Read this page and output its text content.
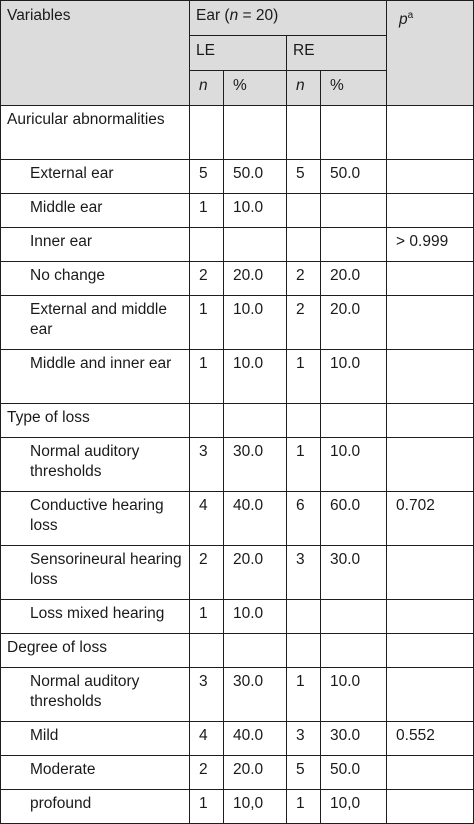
Variables	Ear (n = 20)				$p^a$
	LE		RE		
	n	%	n	%	
Auricular abnormalities					
External ear	5	50.0	5	50.0	
Middle ear	1	10.0			
Inner ear					> 0.999
No change	2	20.0	2	20.0	
External and middle ear	1	10.0	2	20.0	
Middle and inner ear	1	10.0	1	10.0	
Type of loss					
Normal auditory thresholds	3	30.0	1	10.0	
Conductive hearing loss	4	40.0	6	60.0	0.702
Sensorineural hearing loss	2	20.0	3	30.0	
Loss mixed hearing	1	10.0			
Degree of loss					
Normal auditory thresholds	3	30.0	1	10.0	
Mild	4	40.0	3	30.0	0.552
Moderate	2	20.0	5	50.0	
profound	1	10,0	1	10,0	
